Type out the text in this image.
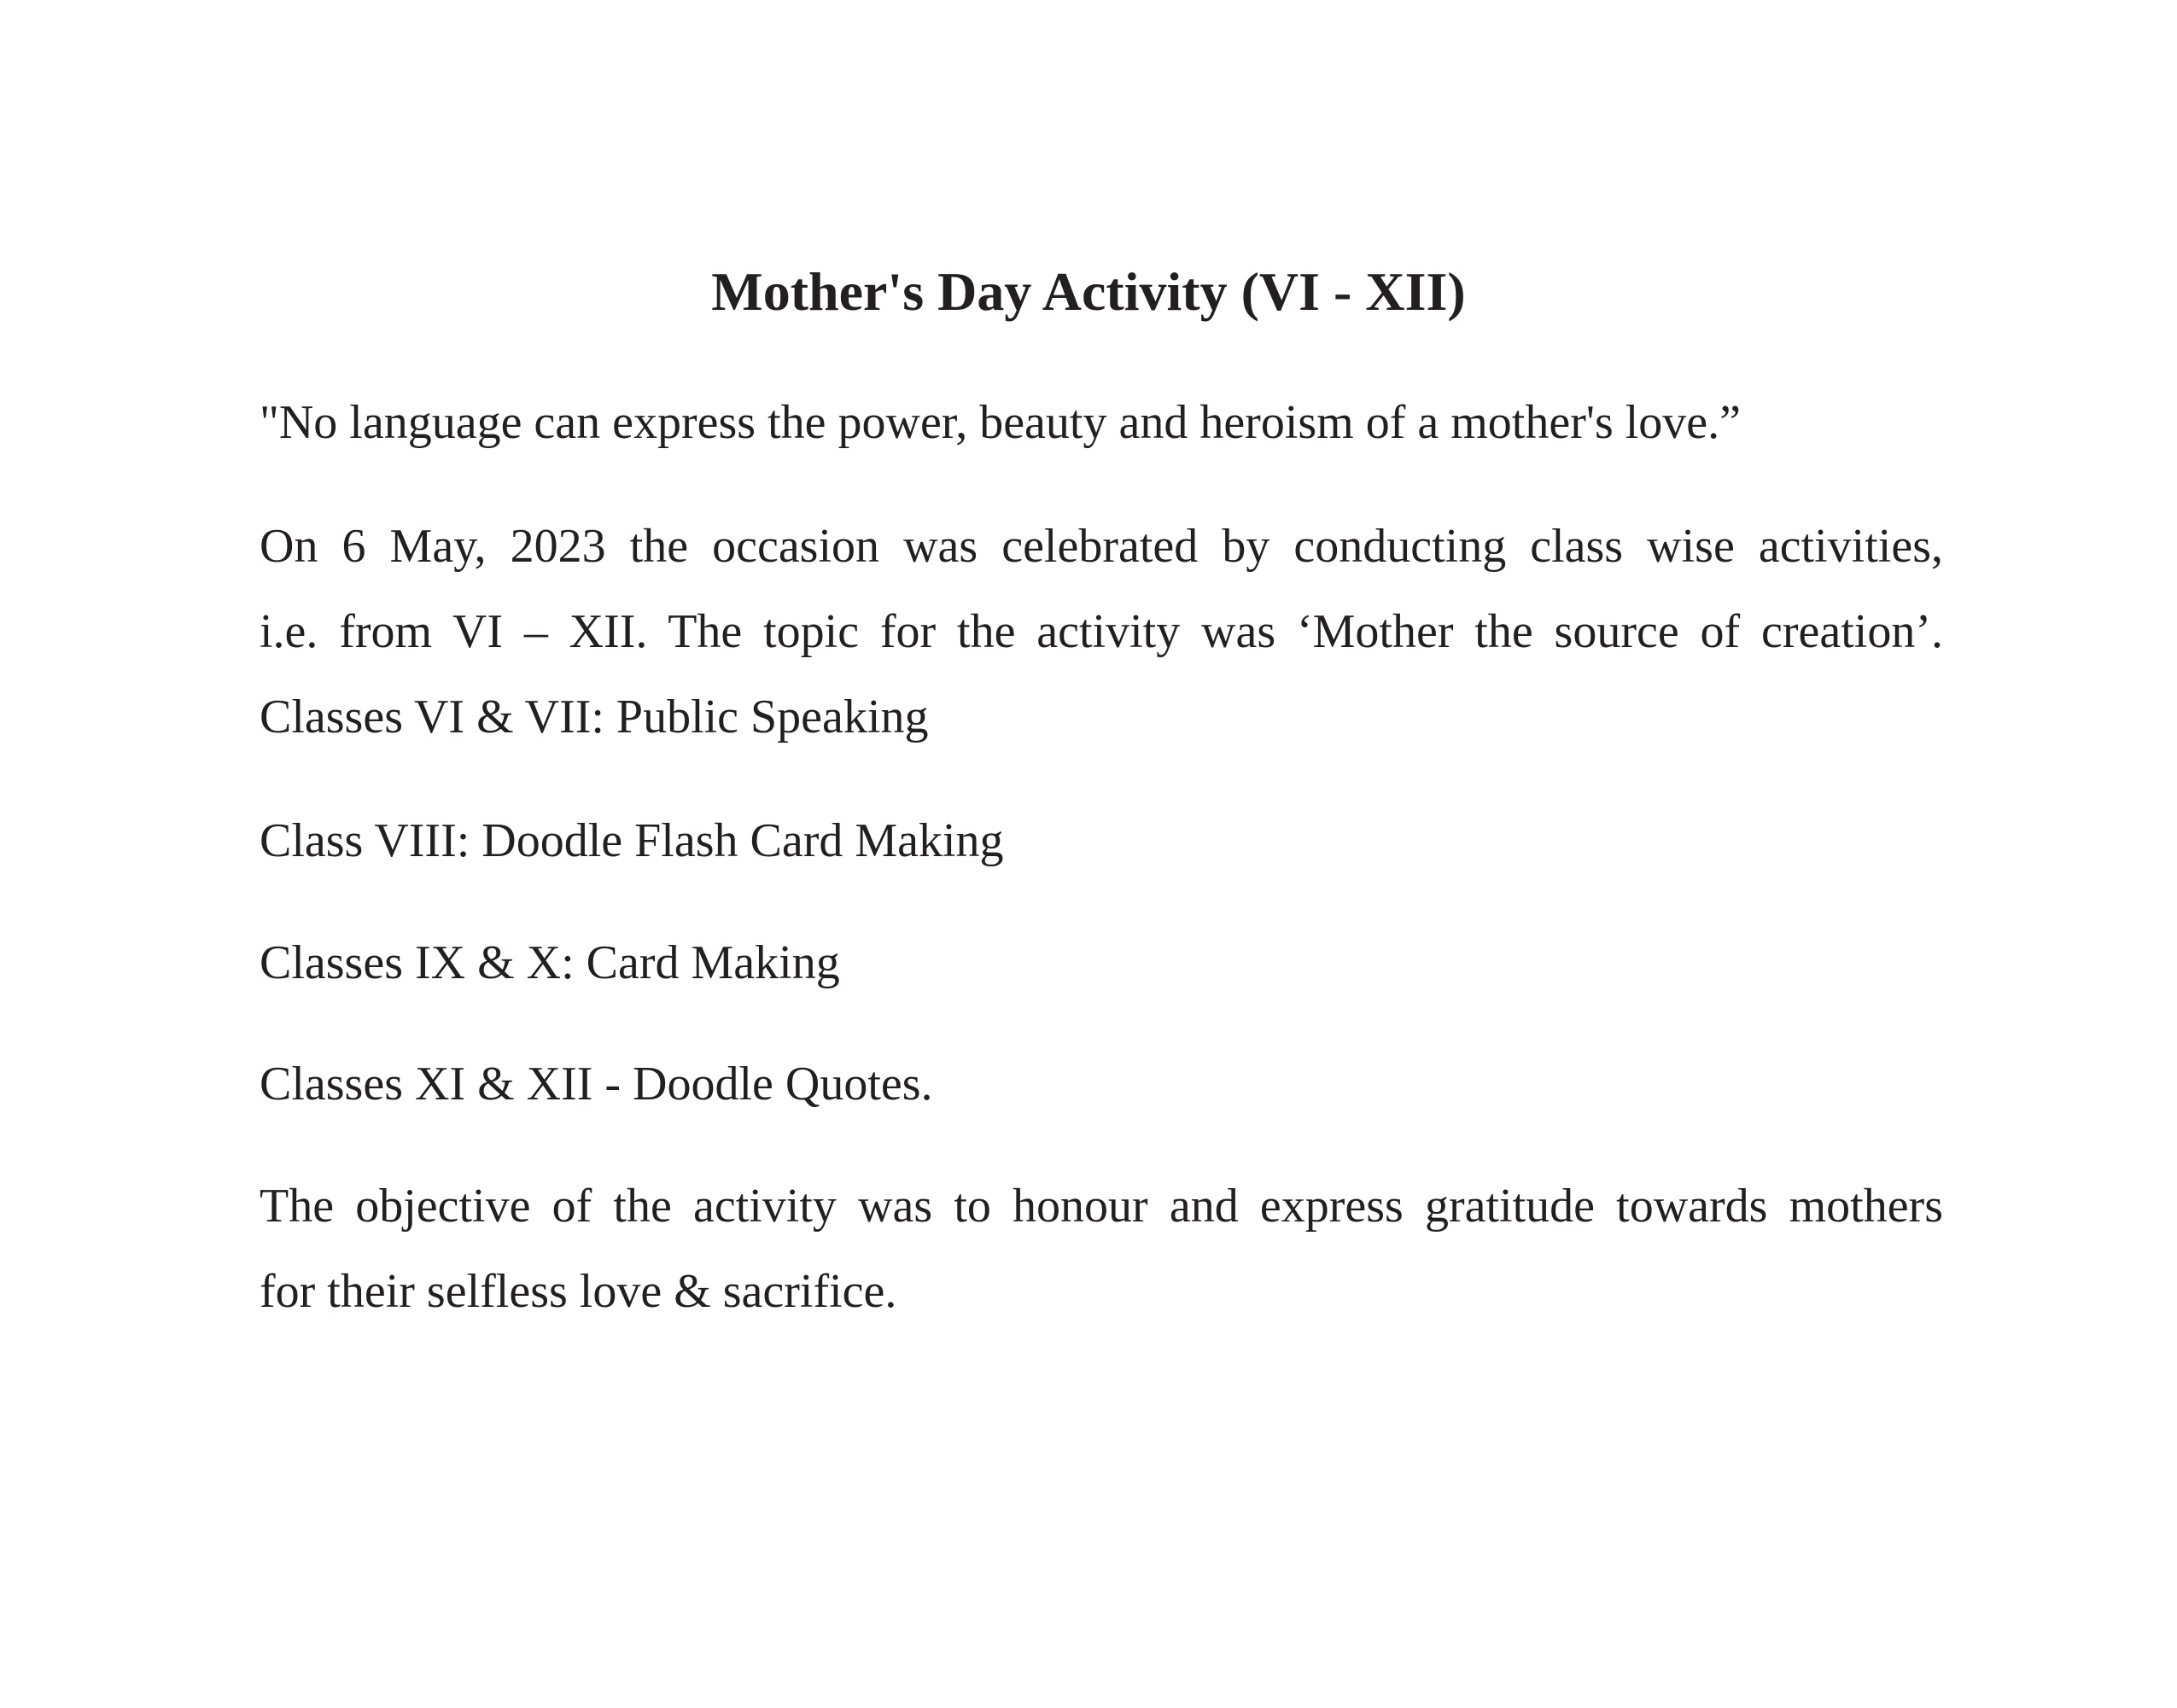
Mother's Day Activity (VI - XII)

"No language can express the power, beauty and heroism of a mother's love.”

On 6 May, 2023 the occasion was celebrated by conducting class wise activities,

i.e. from VI – XII. The topic for the activity was ‘Mother the source of creation’.

Classes VI & VII: Public Speaking

Class VIII: Doodle Flash Card Making

Classes IX & X: Card Making

Classes XI & XII - Doodle Quotes.

The objective of the activity was to honour and express gratitude towards mothers

for their selfless love & sacrifice.
